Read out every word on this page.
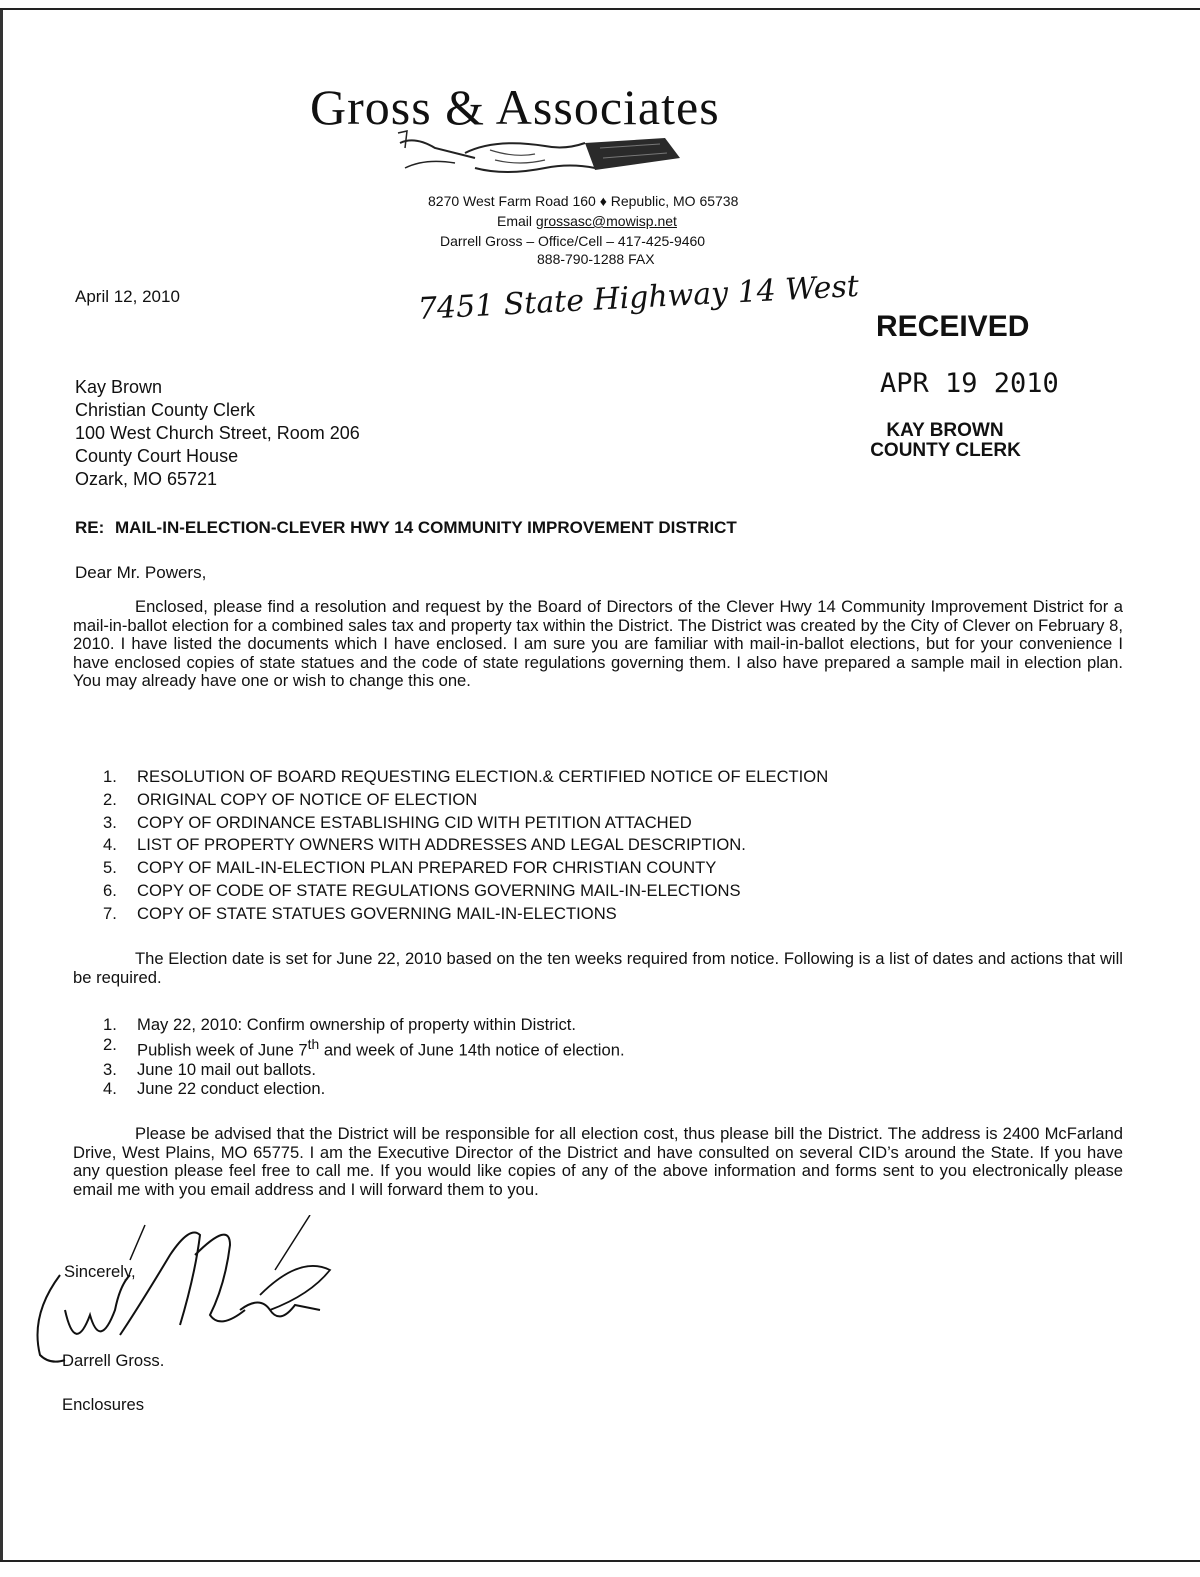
Gross & Associates
8270 West Farm Road 160 ♦ Republic, MO 65738
Email grossasc@mowisp.net
Darrell Gross – Office/Cell – 417-425-9460
888-790-1288 FAX
April 12, 2010	7451 State Highway 14 West RECEIVED
APR 19 2010
KAY BROWN
COUNTY CLERK
Kay Brown
Christian County Clerk
100 West Church Street, Room 206
County Court House
Ozark, MO 65721
RE: MAIL-IN-ELECTION-CLEVER HWY 14 COMMUNITY IMPROVEMENT DISTRICT
Dear Mr. Powers,

Enclosed, please find a resolution and request by the Board of Directors of the Clever Hwy 14 Community Improvement District for a mail-in-ballot election for a combined sales tax and property tax within the District. The District was created by the City of Clever on February 8, 2010. I have listed the documents which I have enclosed. I am sure you are familiar with mail-in-ballot elections, but for your convenience I have enclosed copies of state statues and the code of state regulations governing them. I also have prepared a sample mail in election plan. You may already have one or wish to change this one.

1.	RESOLUTION OF BOARD REQUESTING ELECTION.& CERTIFIED NOTICE OF ELECTION
2.	ORIGINAL COPY OF NOTICE OF ELECTION
3.	COPY OF ORDINANCE ESTABLISHING CID WITH PETITION ATTACHED
4.	LIST OF PROPERTY OWNERS WITH ADDRESSES AND LEGAL DESCRIPTION.
5.	COPY OF MAIL-IN-ELECTION PLAN PREPARED FOR CHRISTIAN COUNTY
6.	COPY OF CODE OF STATE REGULATIONS GOVERNING MAIL-IN-ELECTIONS
7.	COPY OF STATE STATUES GOVERNING MAIL-IN-ELECTIONS

The Election date is set for June 22, 2010 based on the ten weeks required from notice. Following is a list of dates and actions that will be required.

1.	May 22, 2010: Confirm ownership of property within District.
2.	Publish week of June 7th and week of June 14th notice of election.
3.	June 10 mail out ballots.
4.	June 22 conduct election.

Please be advised that the District will be responsible for all election cost, thus please bill the District. The address is 2400 McFarland Drive, West Plains, MO 65775. I am the Executive Director of the District and have consulted on several CID’s around the State. If you have any question please feel free to call me. If you would like copies of any of the above information and forms sent to you electronically please email me with you email address and I will forward them to you.

Sincerely,
Darrell Gross.
Enclosures
